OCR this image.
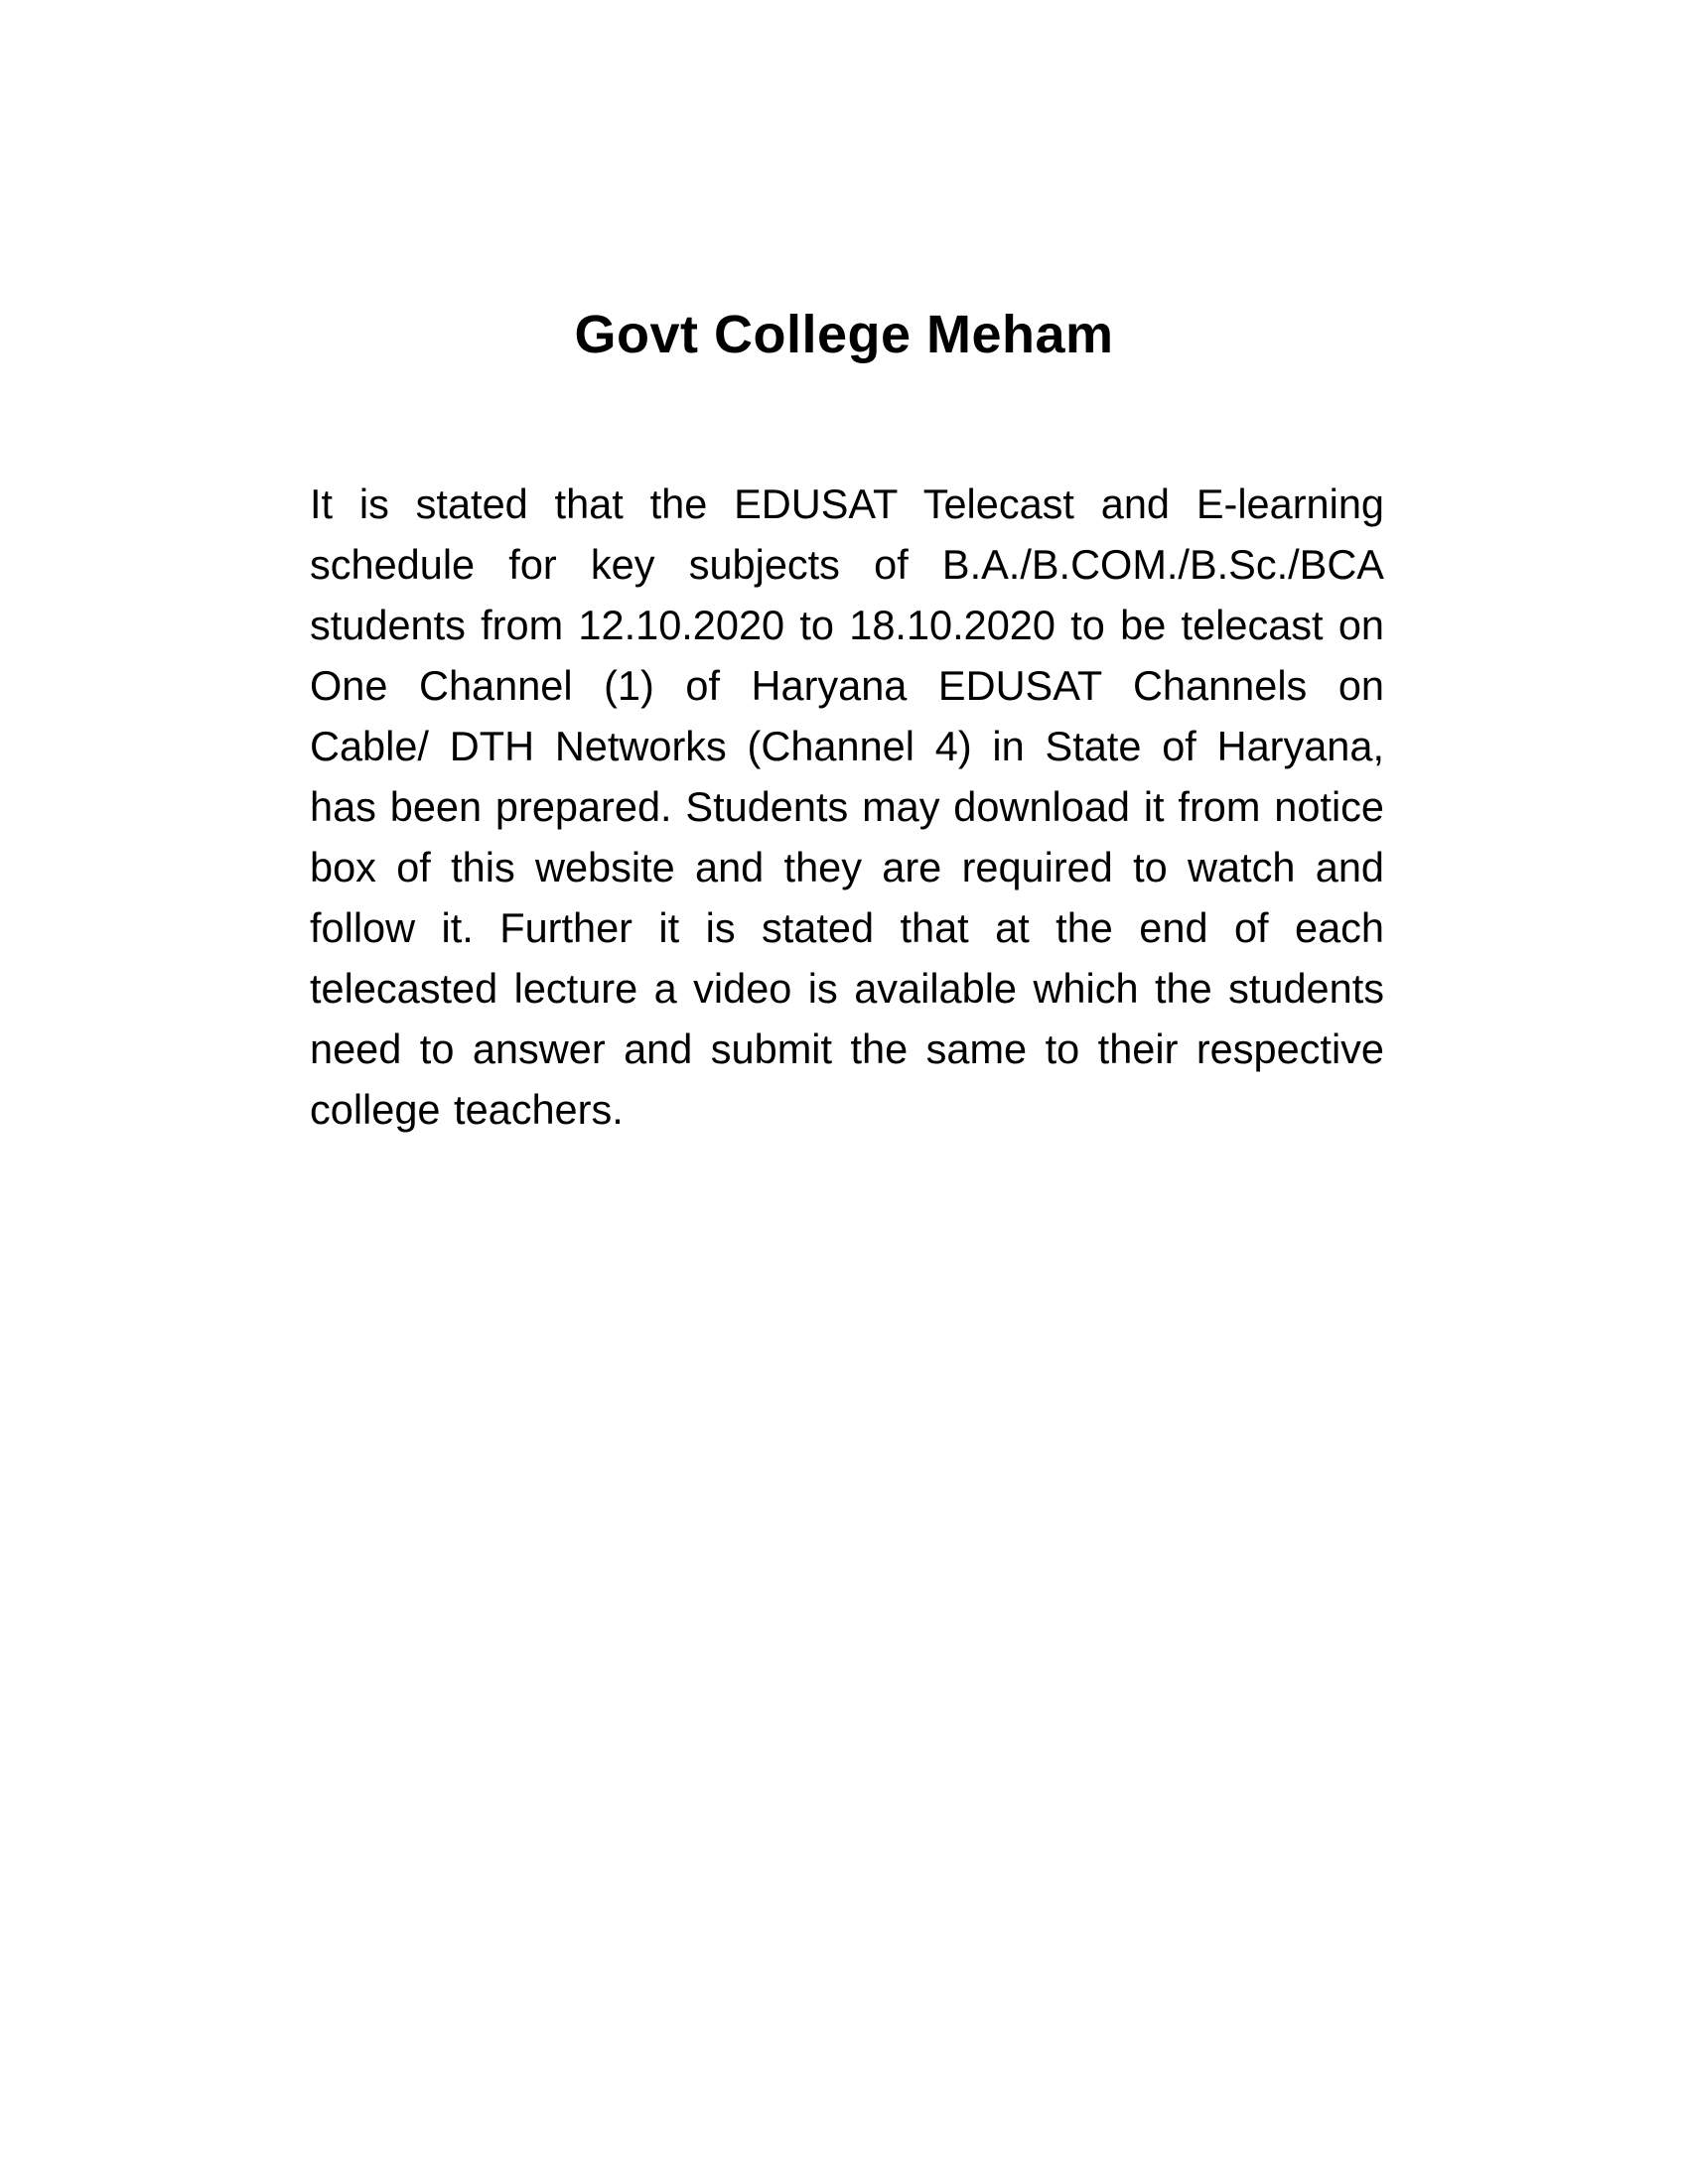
Govt College Meham

It is stated that the EDUSAT Telecast and E-learning schedule for key subjects of B.A./B.COM./B.Sc./BCA students from 12.10.2020 to 18.10.2020 to be telecast on One Channel (1) of Haryana EDUSAT Channels on Cable/ DTH Networks (Channel 4) in State of Haryana, has been prepared. Students may download it from notice box of this website and they are required to watch and follow it. Further it is stated that at the end of each telecasted lecture a video is available which the students need to answer and submit the same to their respective college teachers.
